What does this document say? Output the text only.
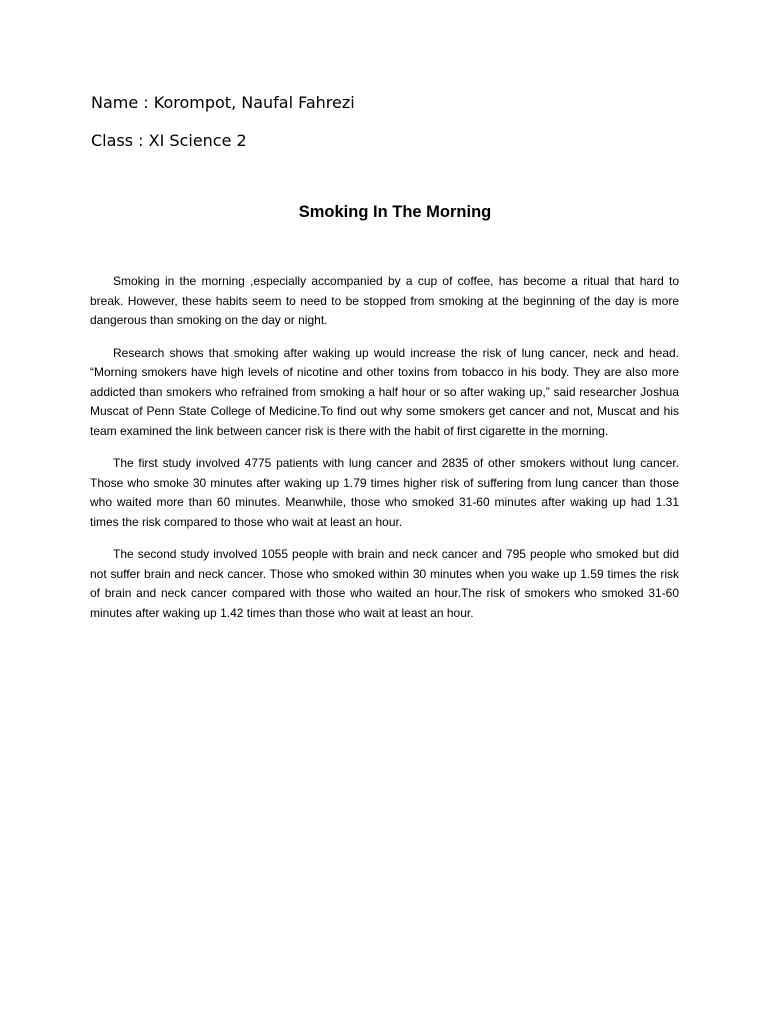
Name : Korompot, Naufal Fahrezi
Class : XI Science 2
Smoking In The Morning

Smoking in the morning ,especially accompanied by a cup of coffee, has become a ritual that hard to break. However, these habits seem to need to be stopped from smoking at the beginning of the day is more dangerous than smoking on the day or night.

Research shows that smoking after waking up would increase the risk of lung cancer, neck and head. “Morning smokers have high levels of nicotine and other toxins from tobacco in his body. They are also more addicted than smokers who refrained from smoking a half hour or so after waking up,” said researcher Joshua Muscat of Penn State College of Medicine.To find out why some smokers get cancer and not, Muscat and his team examined the link between cancer risk is there with the habit of first cigarette in the morning.

The first study involved 4775 patients with lung cancer and 2835 of other smokers without lung cancer. Those who smoke 30 minutes after waking up 1.79 times higher risk of suffering from lung cancer than those who waited more than 60 minutes. Meanwhile, those who smoked 31-60 minutes after waking up had 1.31 times the risk compared to those who wait at least an hour.

The second study involved 1055 people with brain and neck cancer and 795 people who smoked but did not suffer brain and neck cancer. Those who smoked within 30 minutes when you wake up 1.59 times the risk of brain and neck cancer compared with those who waited an hour.The risk of smokers who smoked 31-60 minutes after waking up 1.42 times than those who wait at least an hour.
